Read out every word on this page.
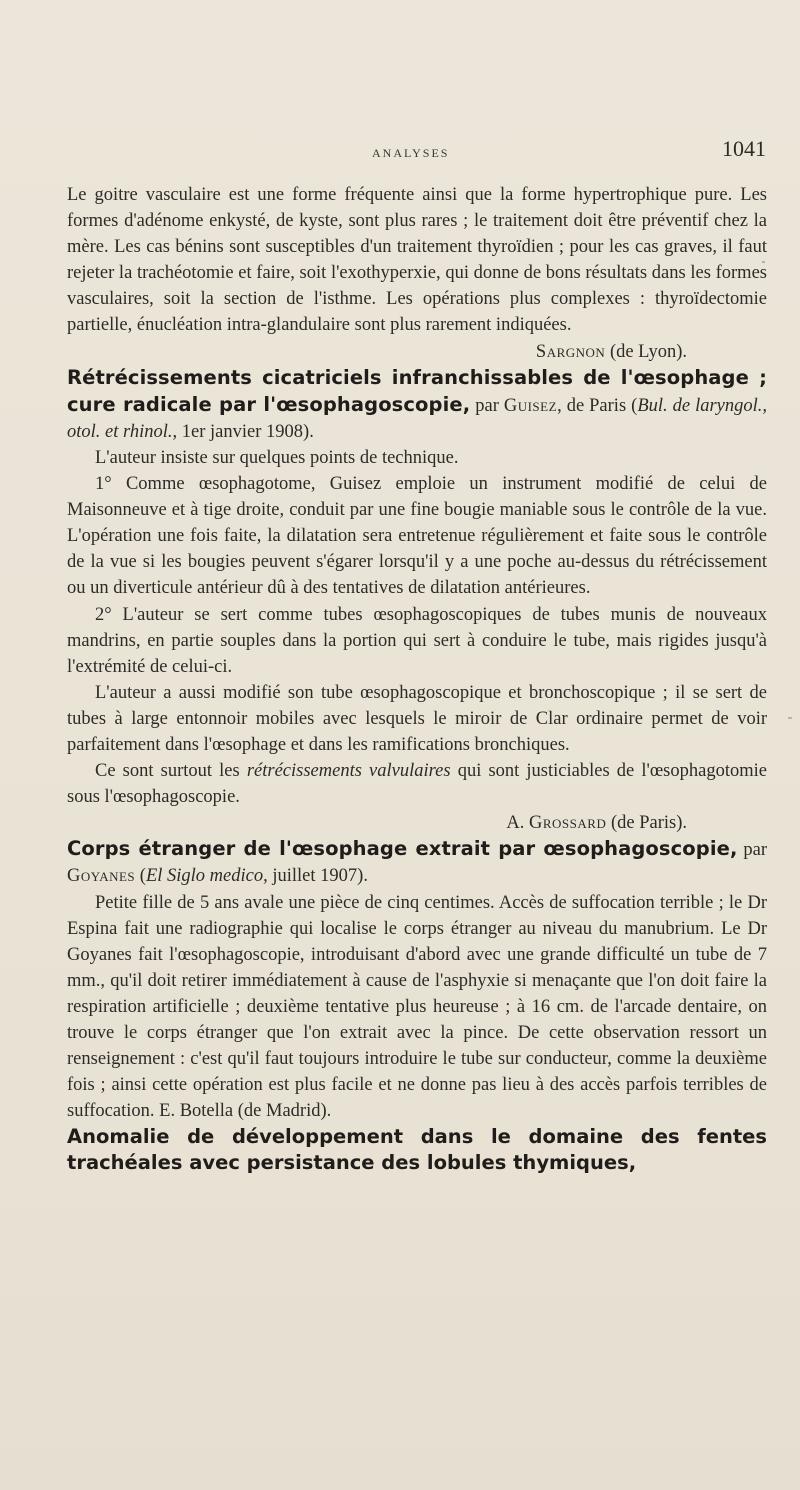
ANALYSES	1041

Le goitre vasculaire est une forme fréquente ainsi que la forme hypertrophique pure. Les formes d'adénome enkysté, de kyste, sont plus rares ; le traitement doit être préventif chez la mère. Les cas bénins sont susceptibles d'un traitement thyroïdien ; pour les cas graves, il faut rejeter la trachéotomie et faire, soit l'exothyperxie, qui donne de bons résultats dans les formes vasculaires, soit la section de l'isthme. Les opérations plus complexes : thyroïdectomie partielle, énucléation intra-glandulaire sont plus rarement indiquées.

Sargnon (de Lyon).

Rétrécissements cicatriciels infranchissables de l'œsophage ; cure radicale par l'œsophagoscopie, par Guisez, de Paris (Bul. de laryngol., otol. et rhinol., 1er janvier 1908).

L'auteur insiste sur quelques points de technique.

1° Comme œsophagotome, Guisez emploie un instrument modifié de celui de Maisonneuve et à tige droite, conduit par une fine bougie maniable sous le contrôle de la vue. L'opération une fois faite, la dilatation sera entretenue régulièrement et faite sous le contrôle de la vue si les bougies peuvent s'égarer lorsqu'il y a une poche au-dessus du rétrécissement ou un diverticule antérieur dû à des tentatives de dilatation antérieures.

2° L'auteur se sert comme tubes œsophagoscopiques de tubes munis de nouveaux mandrins, en partie souples dans la portion qui sert à conduire le tube, mais rigides jusqu'à l'extrémité de celui-ci.

L'auteur a aussi modifié son tube œsophagoscopique et bronchoscopique ; il se sert de tubes à large entonnoir mobiles avec lesquels le miroir de Clar ordinaire permet de voir parfaitement dans l'œsophage et dans les ramifications bronchiques.

Ce sont surtout les rétrécissements valvulaires qui sont justiciables de l'œsophagotomie sous l'œsophagoscopie.

A. Grossard (de Paris).

Corps étranger de l'œsophage extrait par œsophagoscopie, par Goyanes (El Siglo medico, juillet 1907).

Petite fille de 5 ans avale une pièce de cinq centimes. Accès de suffocation terrible ; le Dr Espina fait une radiographie qui localise le corps étranger au niveau du manubrium. Le Dr Goyanes fait l'œsophagoscopie, introduisant d'abord avec une grande difficulté un tube de 7 mm., qu'il doit retirer immédiatement à cause de l'asphyxie si menaçante que l'on doit faire la respiration artificielle ; deuxième tentative plus heureuse ; à 16 cm. de l'arcade dentaire, on trouve le corps étranger que l'on extrait avec la pince. De cette observation ressort un renseignement : c'est qu'il faut toujours introduire le tube sur conducteur, comme la deuxième fois ; ainsi cette opération est plus facile et ne donne pas lieu à des accès parfois terribles de suffocation. E. Botella (de Madrid).

Anomalie de développement dans le domaine des fentes trachéales avec persistance des lobules thymiques,
